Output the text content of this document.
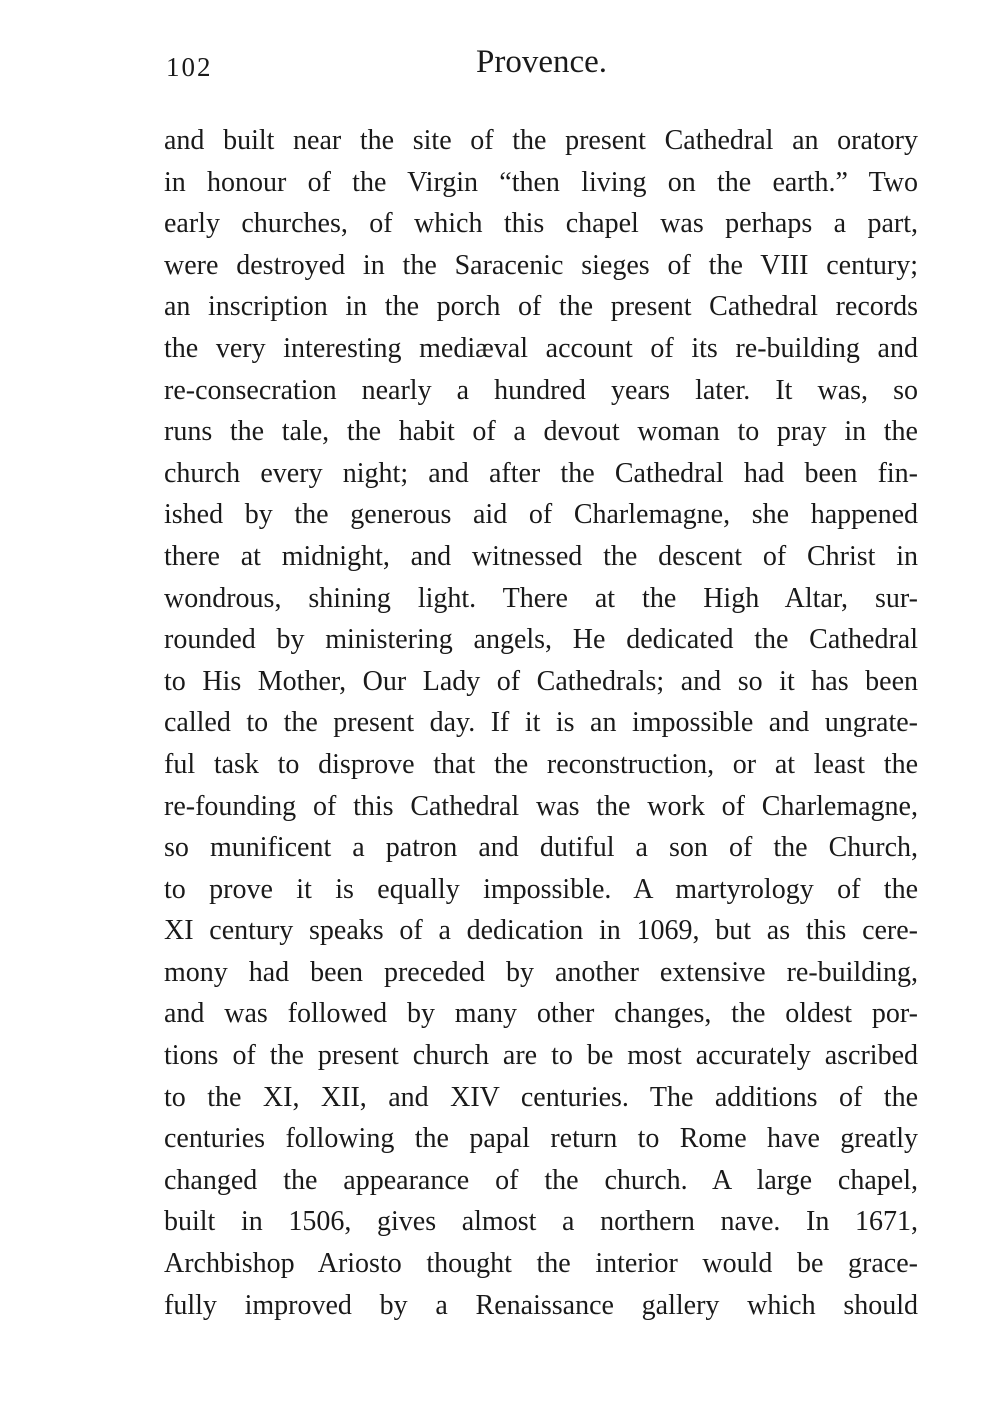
102	Provence.
and built near the site of the present Cathedral an oratory
in honour of the Virgin “then living on the earth.” Two
early churches, of which this chapel was perhaps a part,
were destroyed in the Saracenic sieges of the VIII century;
an inscription in the porch of the present Cathedral records
the very interesting mediæval account of its re-building and
re-consecration nearly a hundred years later. It was, so
runs the tale, the habit of a devout woman to pray in the
church every night; and after the Cathedral had been fin-
ished by the generous aid of Charlemagne, she happened
there at midnight, and witnessed the descent of Christ in
wondrous, shining light. There at the High Altar, sur-
rounded by ministering angels, He dedicated the Cathedral
to His Mother, Our Lady of Cathedrals; and so it has been
called to the present day. If it is an impossible and ungrate-
ful task to disprove that the reconstruction, or at least the
re-founding of this Cathedral was the work of Charlemagne,
so munificent a patron and dutiful a son of the Church,
to prove it is equally impossible. A martyrology of the
XI century speaks of a dedication in 1069, but as this cere-
mony had been preceded by another extensive re-building,
and was followed by many other changes, the oldest por-
tions of the present church are to be most accurately ascribed
to the XI, XII, and XIV centuries. The additions of the
centuries following the papal return to Rome have greatly
changed the appearance of the church. A large chapel,
built in 1506, gives almost a northern nave. In 1671,
Archbishop Ariosto thought the interior would be grace-
fully improved by a Renaissance gallery which should
